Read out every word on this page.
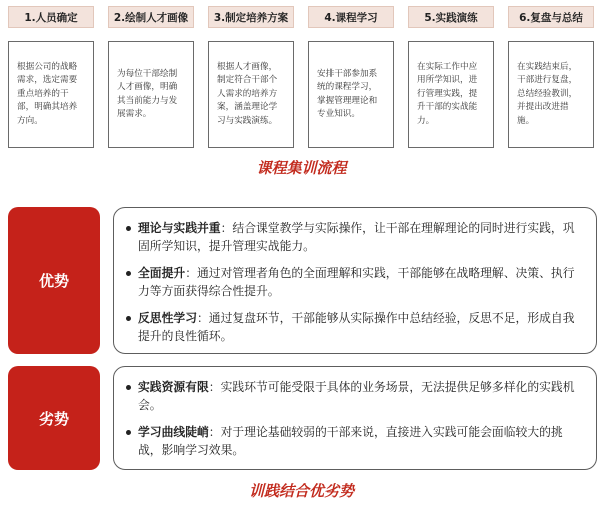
1.人员确定	2.绘制人才画像	3.制定培养方案	4.课程学习	5.实践演练	6.复盘与总结
根据公司的战略需求，选定需要重点培养的干部，明确其培养方向。
为每位干部绘制人才画像，明确其当前能力与发展需求。
根据人才画像，制定符合干部个人需求的培养方案，涵盖理论学习与实践演练。
安排干部参加系统的课程学习，掌握管理理论和专业知识。
在实际工作中应用所学知识，进行管理实践，提升干部的实战能力。
在实践结束后，干部进行复盘，总结经验教训，并提出改进措施。
课程集训流程
优势
理论与实践并重：结合课堂教学与实际操作，让干部在理解理论的同时进行实践，巩固所学知识，提升管理实战能力。
全面提升：通过对管理者角色的全面理解和实践，干部能够在战略理解、决策、执行力等方面获得综合性提升。
反思性学习：通过复盘环节，干部能够从实际操作中总结经验，反思不足，形成自我提升的良性循环。
劣势
实践资源有限：实践环节可能受限于具体的业务场景，无法提供足够多样化的实践机会。
学习曲线陡峭：对于理论基础较弱的干部来说，直接进入实践可能会面临较大的挑战，影响学习效果。
训践结合优劣势
